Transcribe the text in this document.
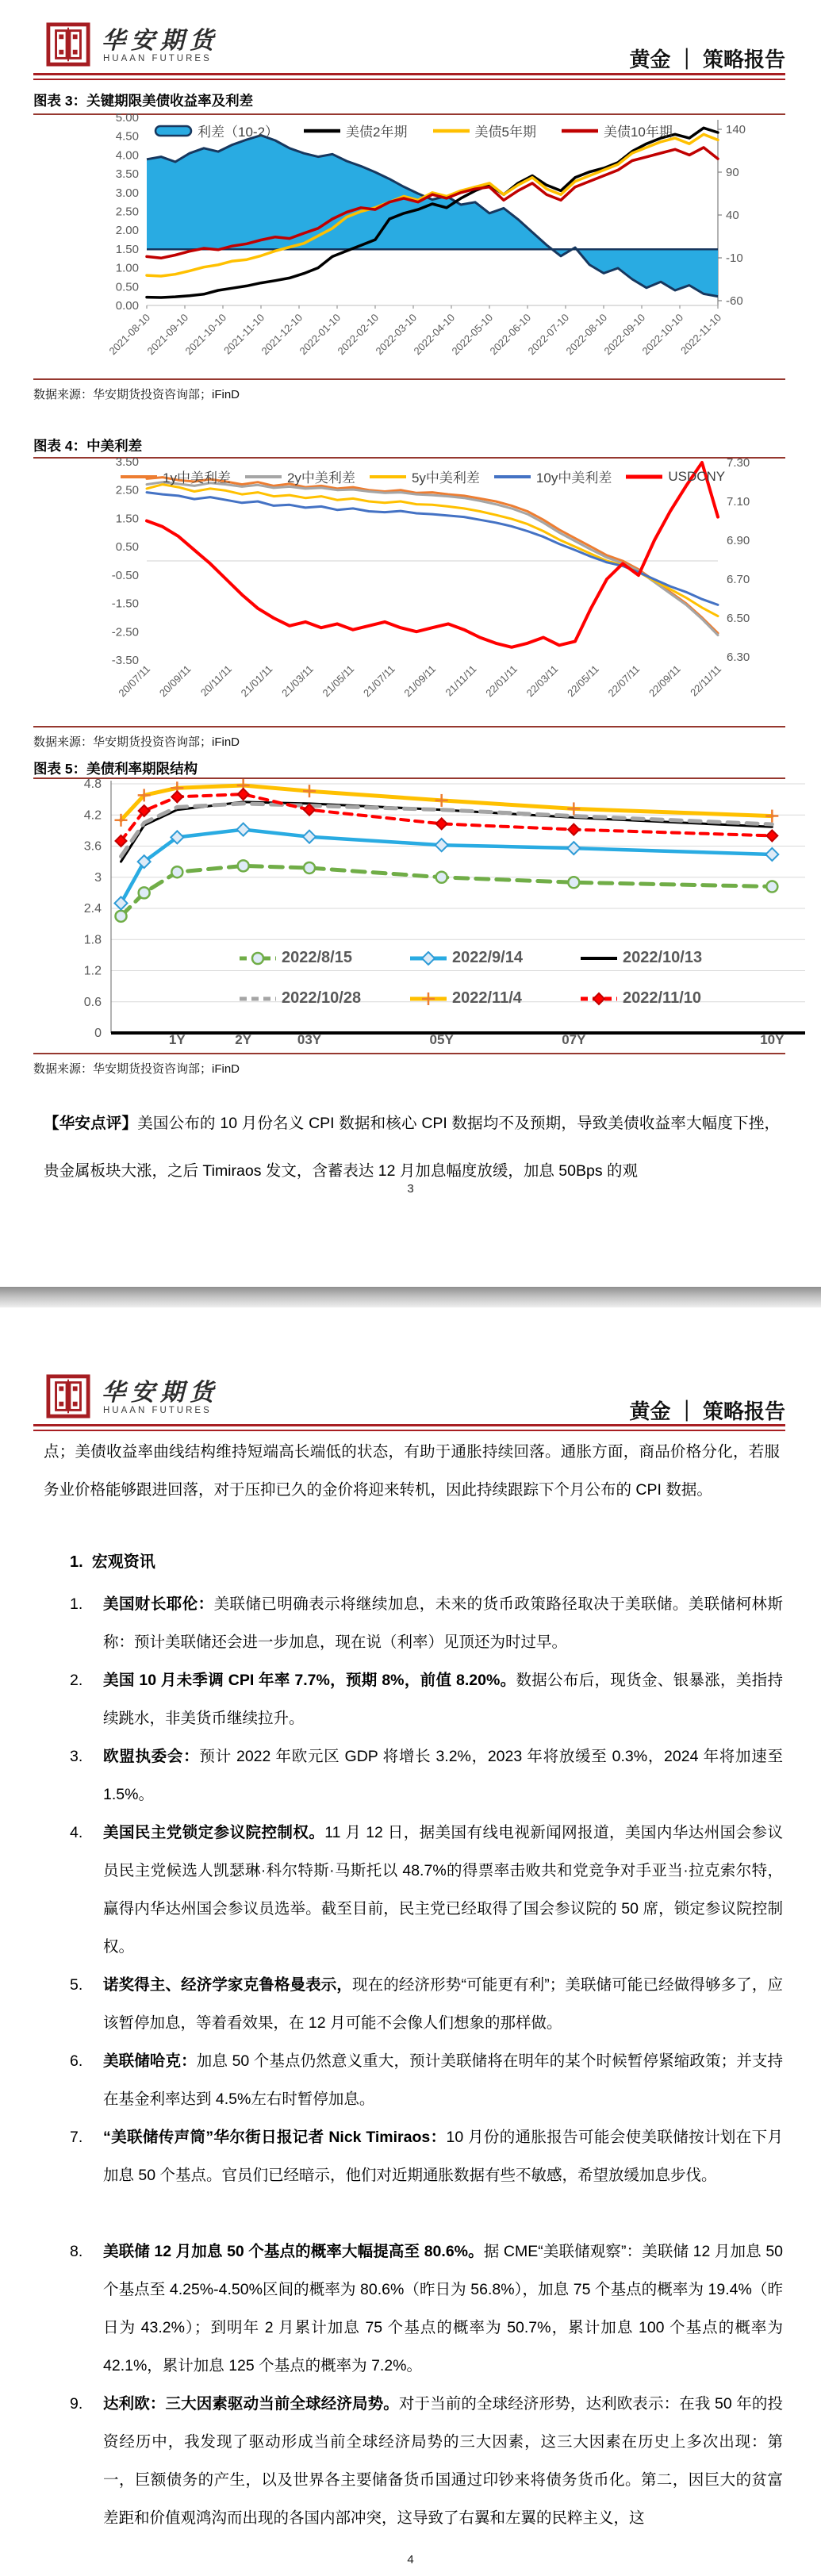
华安期货
HUAAN FUTURES	黄金 ｜ 策略报告
图表 3：关键期限美债收益率及利差
5.00
4.50
4.00
3.50
3.00
2.50
2.00
1.50
1.00
0.50
0.00
140
90
40
-10
-60
2021-08-10
2021-09-10
2021-10-10
2021-11-10
2021-12-10
2022-01-10
2022-02-10
2022-03-10
2022-04-10
2022-05-10
2022-06-10
2022-07-10
2022-08-10
2022-09-10
2022-10-10
2022-11-10
利差（10-2）	美债2年期	美债5年期	美债10年期
数据来源：华安期货投资咨询部；iFinD
图表 4：中美利差
3.50
2.50
1.50
0.50
-0.50
-1.50
-2.50
-3.50
7.30
7.10
6.90
6.70
6.50
6.30
20/07/11 20/09/11 20/11/11 21/01/11 21/03/11 21/05/11 21/07/11 21/09/11 21/11/11 22/01/11 22/03/11 22/05/11 22/07/11 22/09/11 22/11/11
1y中美利差	2y中美利差	5y中美利差	10y中美利差	USDCNY
数据来源：华安期货投资咨询部；iFinD
图表 5：美债利率期限结构
4.8
4.2
3.6
3
2.4
1.8
1.2
0.6
0	1Y	2Y	03Y	05Y	07Y	10Y
2022/8/15	2022/9/14	2022/10/13
2022/10/28	2022/11/4	2022/11/10
数据来源：华安期货投资咨询部；iFinD
【华安点评】美国公布的 10 月份名义 CPI 数据和核心 CPI 数据均不及预期，导致美债收益率大幅度下挫，贵金属板块大涨，之后 Timiraos 发文，含蓄表达 12 月加息幅度放缓，加息 50Bps 的观
3
华安期货
HUAAN FUTURES	黄金 ｜ 策略报告
点；美债收益率曲线结构维持短端高长端低的状态，有助于通胀持续回落。通胀方面，商品价格分化，若服务业价格能够跟进回落，对于压抑已久的金价将迎来转机，因此持续跟踪下个月公布的 CPI 数据。
1. 宏观资讯
1. 美国财长耶伦：美联储已明确表示将继续加息，未来的货币政策路径取决于美联储。美联储柯林斯称：预计美联储还会进一步加息，现在说（利率）见顶还为时过早。
2. 美国 10 月未季调 CPI 年率 7.7%，预期 8%，前值 8.20%。数据公布后，现货金、银暴涨，美指持续跳水，非美货币继续拉升。
3. 欧盟执委会：预计 2022 年欧元区 GDP 将增长 3.2%，2023 年将放缓至 0.3%，2024 年将加速至 1.5%。
4. 美国民主党锁定参议院控制权。11 月 12 日，据美国有线电视新闻网报道，美国内华达州国会参议员民主党候选人凯瑟琳·科尔特斯·马斯托以 48.7%的得票率击败共和党竞争对手亚当·拉克索尔特，赢得内华达州国会参议员选举。截至目前，民主党已经取得了国会参议院的 50 席，锁定参议院控制权。
5. 诺奖得主、经济学家克鲁格曼表示，现在的经济形势“可能更有利”；美联储可能已经做得够多了，应该暂停加息，等着看效果，在 12 月可能不会像人们想象的那样做。
6. 美联储哈克：加息 50 个基点仍然意义重大，预计美联储将在明年的某个时候暂停紧缩政策；并支持在基金利率达到 4.5%左右时暂停加息。
7. “美联储传声筒”华尔街日报记者 Nick Timiraos：10 月份的通胀报告可能会使美联储按计划在下月加息 50 个基点。官员们已经暗示，他们对近期通胀数据有些不敏感，希望放缓加息步伐。
8. 美联储 12 月加息 50 个基点的概率大幅提高至 80.6%。据 CME“美联储观察”：美联储 12 月加息 50 个基点至 4.25%-4.50%区间的概率为 80.6%（昨日为 56.8%），加息 75 个基点的概率为 19.4%（昨日为 43.2%）；到明年 2 月累计加息 75 个基点的概率为 50.7%，累计加息 100 个基点的概率为 42.1%，累计加息 125 个基点的概率为 7.2%。
9. 达利欧：三大因素驱动当前全球经济局势。对于当前的全球经济形势，达利欧表示：在我 50 年的投资经历中，我发现了驱动形成当前全球经济局势的三大因素，这三大因素在历史上多次出现：第一，巨额债务的产生，以及世界各主要储备货币国通过印钞来将债务货币化。第二，因巨大的贫富差距和价值观鸿沟而出现的各国内部冲突，这导致了右翼和左翼的民粹主义，这
4
